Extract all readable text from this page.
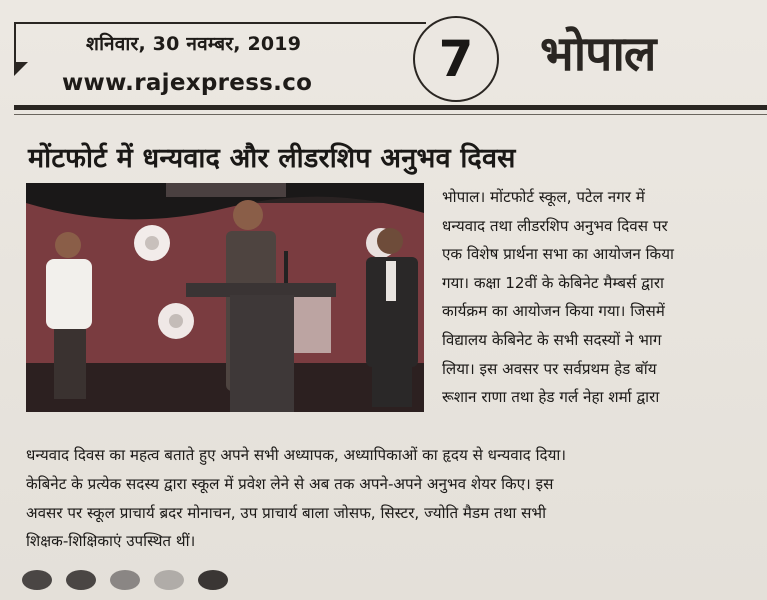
शनिवार, 30 नवम्बर, 2019
www.rajexpress.co	7 भोपाल
मोंटफोर्ट में धन्यवाद और लीडरशिप अनुभव दिवस

भोपाल। मोंटफोर्ट स्कूल, पटेल नगर में

धन्यवाद तथा लीडरशिप अनुभव दिवस पर

एक विशेष प्रार्थना सभा का आयोजन किया

गया। कक्षा 12वीं के केबिनेट मैम्बर्स द्वारा

कार्यक्रम का आयोजन किया गया। जिसमें

विद्यालय केबिनेट के सभी सदस्यों ने भाग

लिया। इस अवसर पर सर्वप्रथम हेड बॉय

रूशान राणा तथा हेड गर्ल नेहा शर्मा द्वारा

धन्यवाद दिवस का महत्व बताते हुए अपने सभी अध्यापक, अध्यापिकाओं का हृदय से धन्यवाद दिया।

केबिनेट के प्रत्येक सदस्य द्वारा स्कूल में प्रवेश लेने से अब तक अपने-अपने अनुभव शेयर किए। इस

अवसर पर स्कूल प्राचार्य ब्रदर मोनाचन, उप प्राचार्य बाला जोसफ, सिस्टर, ज्योति मैडम तथा सभी

शिक्षक-शिक्षिकाएं उपस्थित थीं।
